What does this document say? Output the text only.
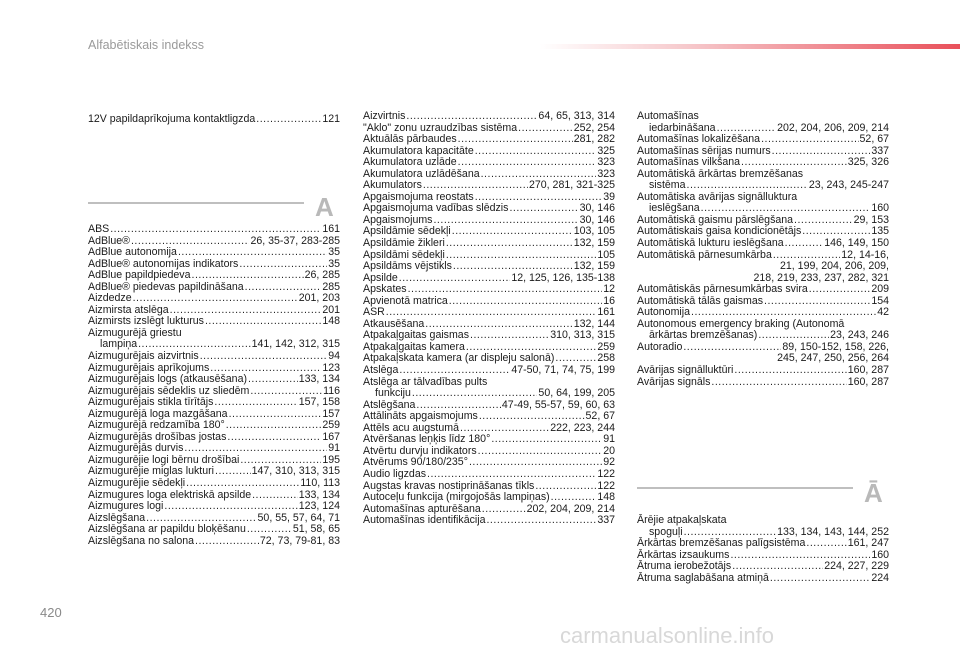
Alfabētiskais indekss
12V papildaprīkojuma kontaktligzda .....	121
A
ABS .....	161
AdBlue® .....	26, 35-37, 283-285
AdBlue autonomija .....	35
AdBlue® autonomijas indikators .....	35
AdBlue papildpiedeva .....	26, 285
AdBlue® piedevas papildināšana .....	285
Aizdedze .....	201, 203
Aizmirsta atslēga .....	201
Aizmirsts izslēgt lukturus .....	148
Aizmugurējā griestu
lampiņa .....	141, 142, 312, 315
Aizmugurējais aizvirtnis .....	94
Aizmugurējais aprīkojums .....	123
Aizmugurējais logs (atkausēšana) .....	133, 134
Aizmugurējais sēdeklis uz sliedēm .....	116
Aizmugurējais stikla tīrītājs .....	157, 158
Aizmugurējā loga mazgāšana .....	157
Aizmugurējā redzamība 180° .....	259
Aizmugurējās drošības jostas .....	167
Aizmugurējās durvis .....	91
Aizmugurējie logi bērnu drošībai .....	195
Aizmugurējie miglas lukturi .....	147, 310, 313, 315
Aizmugurējie sēdekļi .....	110, 113
Aizmugures loga elektriskā apsilde .....	133, 134
Aizmugures logi .....	123, 124
Aizslēgšana .....	50, 55, 57, 64, 71
Aizslēgšana ar papildu bloķēšanu .....	51, 58, 65
Aizslēgšana no salona .....	72, 73, 79-81, 83
Aizvirtnis .....	64, 65, 313, 314
"Aklo" zonu uzraudzības sistēma .....	252, 254
Aktuālās pārbaudes .....	281, 282
Akumulatora kapacitāte .....	325
Akumulatora uzlāde .....	323
Akumulatora uzlādēšana .....	323
Akumulators .....	270, 281, 321-325
Apgaismojuma reostats .....	39
Apgaismojuma vadības slēdzis .....	30, 146
Apgaismojums .....	30, 146
Apsildāmie sēdekļi .....	103, 105
Apsildāmie žikleri .....	132, 159
Apsildāmi sēdekļi .....	105
Apsildāms vējstikls .....	132, 159
Apsilde .....	12, 125, 126, 135-138
Apskates .....	12
Apvienotā matrica .....	16
ASR .....	161
Atkausēšana .....	132, 144
Atpakaļgaitas gaismas .....	310, 313, 315
Atpakaļgaitas kamera .....	259
Atpakaļskata kamera (ar displeju salonā) .....	258
Atslēga .....	47-50, 71, 74, 75, 199
Atslēga ar tālvadības pults
funkciju .....	50, 64, 199, 205
Atslēgšana .....	47-49, 55-57, 59, 60, 63
Attālināts apgaismojums .....	52, 67
Attēls acu augstumā .....	222, 223, 244
Atvēršanas leņķis līdz 180° .....	91
Atvērtu durvju indikators .....	20
Atvērums 90/180/235° .....	92
Audio ligzdas .....	122
Augstas kravas nostiprināšanas tīkls .....	122
Autoceļu funkcija (mirgojošās lampiņas) .....	148
Automašīnas apturēšana .....	202, 204, 209, 214
Automašīnas identifikācija .....	337
Automašīnas
iedarbināšana .....	202, 204, 206, 209, 214
Automašīnas lokalizēšana .....	52, 67
Automašīnas sērijas numurs .....	337
Automašīnas vilkšana .....	325, 326
Automātiskā ārkārtas bremzēšanas
sistēma .....	23, 243, 245-247
Automātiska avārijas signālluktura
ieslēgšana .....	160
Automātiskā gaismu pārslēgšana .....	29, 153
Automātiskais gaisa kondicionētājs .....	135
Automātiskā lukturu ieslēgšana .....	146, 149, 150
Automātiskā pārnesumkārba .....	12, 14-16,
21, 199, 204, 206, 209,
218, 219, 233, 237, 282, 321
Automātiskās pārnesumkārbas svira .....	209
Automātiskā tālās gaismas .....	154
Autonomija .....	42
Autonomous emergency braking (Autonomā
ārkārtas bremzēšanas) .....	23, 243, 246
Autoradio .....	89, 150-152, 158, 226,
245, 247, 250, 256, 264
Avārijas signālluktūri .....	160, 287
Avārijas signāls .....	160, 287
Ā
Ārējie atpakaļskata
spoguļi .....	133, 134, 143, 144, 252
Ārkārtas bremzēšanas palīgsistēma .....	161, 247
Ārkārtas izsaukums .....	160
Ātruma ierobežotājs .....	224, 227, 229
Ātruma saglabāšana atmiņā .....	224
420
carmanualsonline.info
